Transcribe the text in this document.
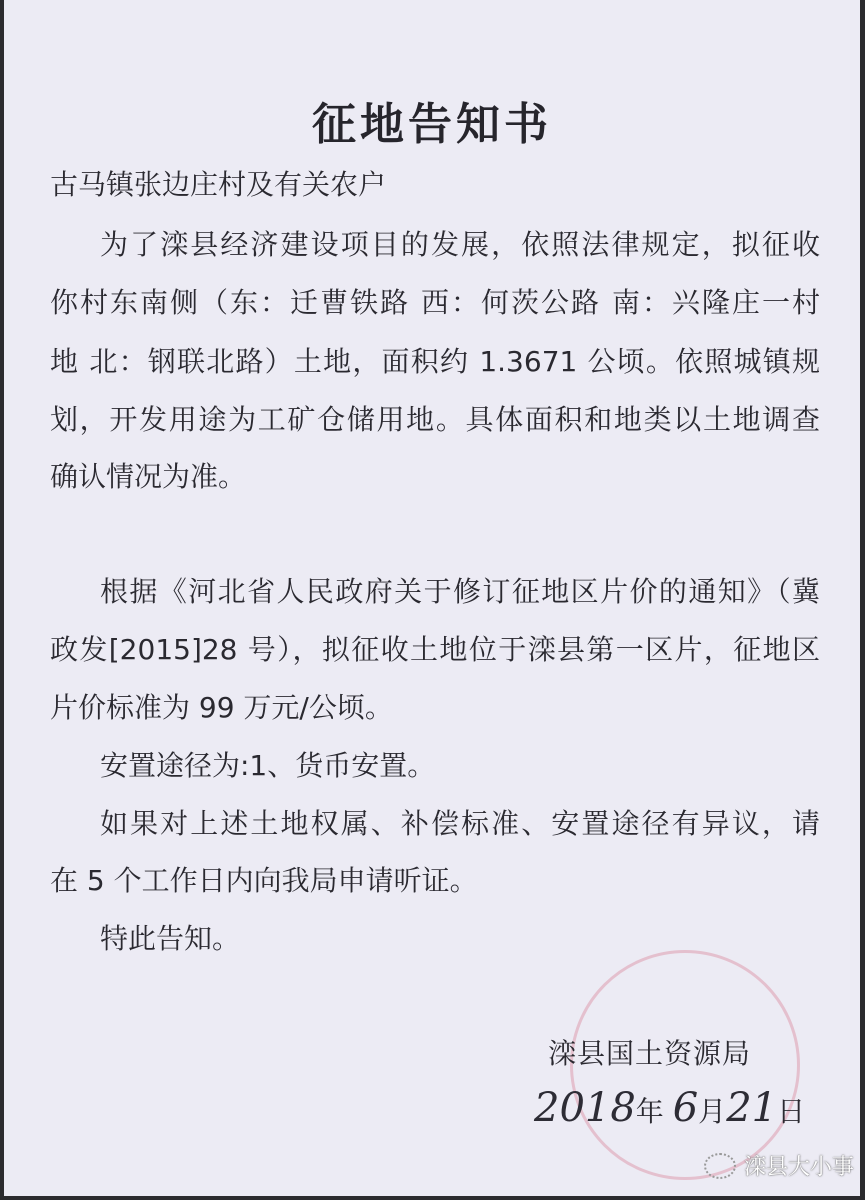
征地告知书
古马镇张边庄村及有关农户
为了滦县经济建设项目的发展，依照法律规定，拟征收
你村东南侧（东：迁曹铁路 西：何茨公路 南：兴隆庄一村
地 北：钢联北路）土地，面积约 1.3671 公顷。依照城镇规
划，开发用途为工矿仓储用地。具体面积和地类以土地调查
确认情况为准。
根据《河北省人民政府关于修订征地区片价的通知》（冀
政发[2015]28 号），拟征收土地位于滦县第一区片，征地区
片价标准为 99 万元/公顷。
安置途径为:1、货币安置。
如果对上述土地权属、补偿标准、安置途径有异议，请
在 5 个工作日内向我局申请听证。
特此告知。
滦县国土资源局
2018年 6月21日
滦县大小事
